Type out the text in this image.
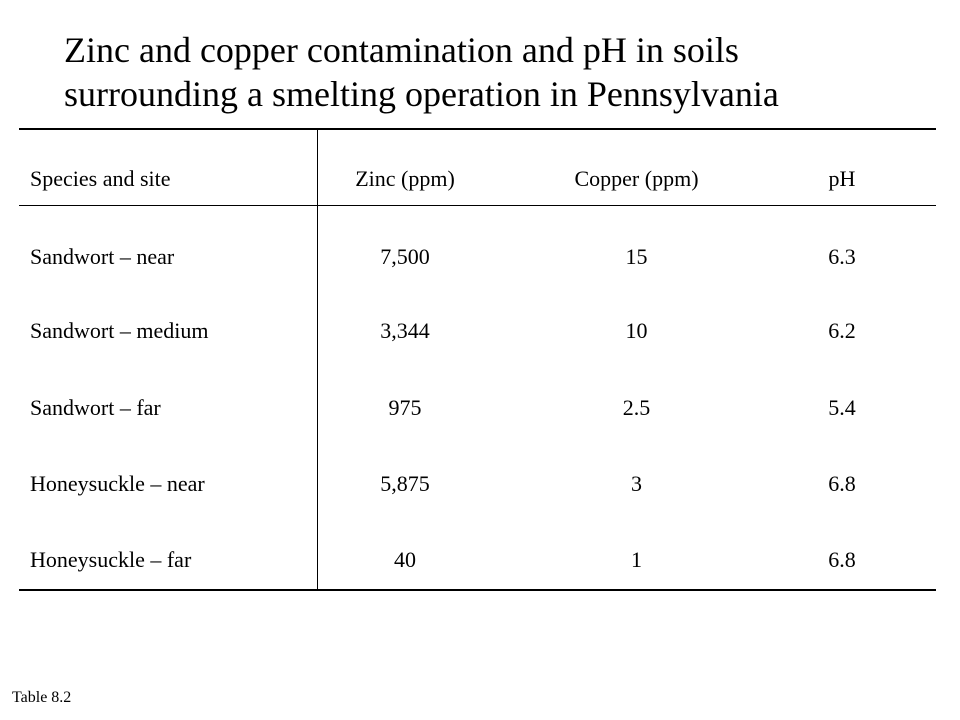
Zinc and copper contamination and pH in soils
surrounding a smelting operation in Pennsylvania
Species and site	Zinc (ppm)	Copper (ppm)	pH
Sandwort – near	7,500	15	6.3
Sandwort – medium	3,344	10	6.2
Sandwort – far	975	2.5	5.4
Honeysuckle – near	5,875	3	6.8
Honeysuckle – far	40	1	6.8
Table 8.2
